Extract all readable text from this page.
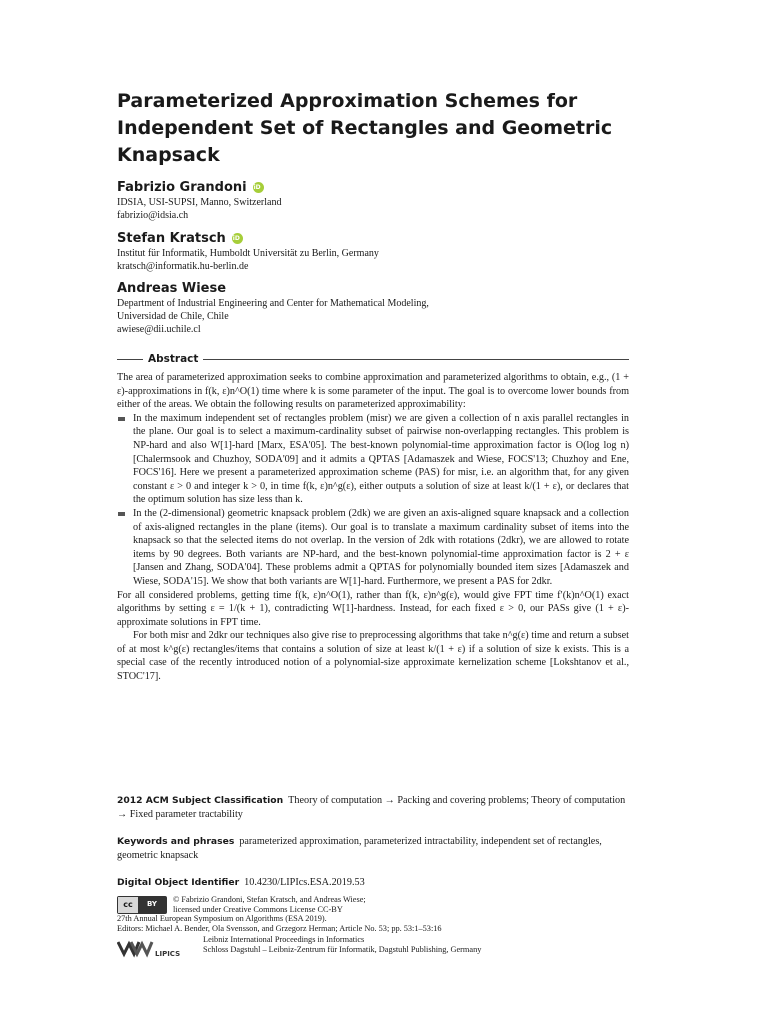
Parameterized Approximation Schemes for Independent Set of Rectangles and Geometric Knapsack
Fabrizio Grandoni
iD
IDSIA, USI-SUPSI, Manno, Switzerland
fabrizio@idsia.ch
Stefan Kratsch
iD
Institut für Informatik, Humboldt Universität zu Berlin, Germany
kratsch@informatik.hu-berlin.de
Andreas Wiese
Department of Industrial Engineering and Center for Mathematical Modeling,
Universidad de Chile, Chile
awiese@dii.uchile.cl
Abstract

The area of parameterized approximation seeks to combine approximation and parameterized algorithms to obtain, e.g., (1 + ε)-approximations in f(k, ε)n^O(1) time where k is some parameter of the input. The goal is to overcome lower bounds from either of the areas. We obtain the following results on parameterized approximability:

In the maximum independent set of rectangles problem (misr) we are given a collection of n axis parallel rectangles in the plane. Our goal is to select a maximum-cardinality subset of pairwise non-overlapping rectangles. This problem is NP-hard and also W[1]-hard [Marx, ESA'05]. The best-known polynomial-time approximation factor is O(log log n) [Chalermsook and Chuzhoy, SODA'09] and it admits a QPTAS [Adamaszek and Wiese, FOCS'13; Chuzhoy and Ene, FOCS'16]. Here we present a parameterized approximation scheme (PAS) for misr, i.e. an algorithm that, for any given constant ε > 0 and integer k > 0, in time f(k, ε)n^g(ε), either outputs a solution of size at least k/(1 + ε), or declares that the optimum solution has size less than k.

In the (2-dimensional) geometric knapsack problem (2dk) we are given an axis-aligned square knapsack and a collection of axis-aligned rectangles in the plane (items). Our goal is to translate a maximum cardinality subset of items into the knapsack so that the selected items do not overlap. In the version of 2dk with rotations (2dkr), we are allowed to rotate items by 90 degrees. Both variants are NP-hard, and the best-known polynomial-time approximation factor is 2 + ε [Jansen and Zhang, SODA'04]. These problems admit a QPTAS for polynomially bounded item sizes [Adamaszek and Wiese, SODA'15]. We show that both variants are W[1]-hard. Furthermore, we present a PAS for 2dkr.

For all considered problems, getting time f(k, ε)n^O(1), rather than f(k, ε)n^g(ε), would give FPT time f′(k)n^O(1) exact algorithms by setting ε = 1/(k + 1), contradicting W[1]-hardness. Instead, for each fixed ε > 0, our PASs give (1 + ε)-approximate solutions in FPT time.

For both misr and 2dkr our techniques also give rise to preprocessing algorithms that take n^g(ε) time and return a subset of at most k^g(ε) rectangles/items that contains a solution of size at least k/(1 + ε) if a solution of size k exists. This is a special case of the recently introduced notion of a polynomial-size approximate kernelization scheme [Lokshtanov et al., STOC'17].

2012 ACM Subject Classification Theory of computation → Packing and covering problems; Theory of computation → Fixed parameter tractability
Keywords and phrases parameterized approximation, parameterized intractability, independent set of rectangles, geometric knapsack
Digital Object Identifier 10.4230/LIPIcs.ESA.2019.53
cc	BY
© Fabrizio Grandoni, Stefan Kratsch, and Andreas Wiese;
licensed under Creative Commons License CC-BY
27th Annual European Symposium on Algorithms (ESA 2019).
Editors: Michael A. Bender, Ola Svensson, and Grzegorz Herman; Article No. 53; pp. 53:1–53:16
LIPICS
Leibniz International Proceedings in Informatics
Schloss Dagstuhl – Leibniz-Zentrum für Informatik, Dagstuhl Publishing, Germany
